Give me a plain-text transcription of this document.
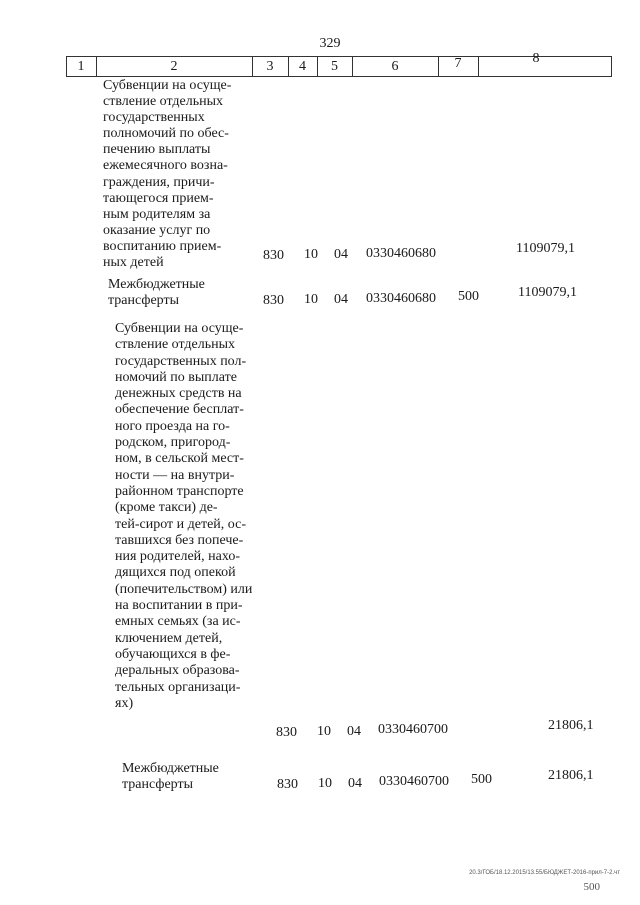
329
1	2	3	4	5	6	7	8
Субвенции на осуще-
ствление отдельных
государственных
полномочий по обес-
печению выплаты
ежемесячного возна-
граждения, причи-
тающегося прием-
ным родителям за
оказание услуг по
воспитанию прием-
ных детей	830 10 04 0330460680	1109079,1
Межбюджетные
трансферты	830 10 04 0330460680 500	1109079,1
Субвенции на осуще-
ствление отдельных
государственных пол-
номочий по выплате
денежных средств на
обеспечение бесплат-
ного проезда на го-
родском, пригород-
ном, в сельской мест-
ности — на внутри-
районном транспорте
(кроме такси) де-
тей-сирот и детей, ос-
тавшихся без попече-
ния родителей, нахо-
дящихся под опекой
(попечительством) или
на воспитании в при-
емных семьях (за ис-
ключением детей,
обучающихся в фе-
деральных образова-
тельных организаци-
ях)
830 10 04 0330460700	21806,1
Межбюджетные
трансферты	830 10 04 0330460700 500	21806,1
20.3/ГОБ/18.12.2015/13.55/БЮДЖЕТ-2016-прил-7-2.чт
500
